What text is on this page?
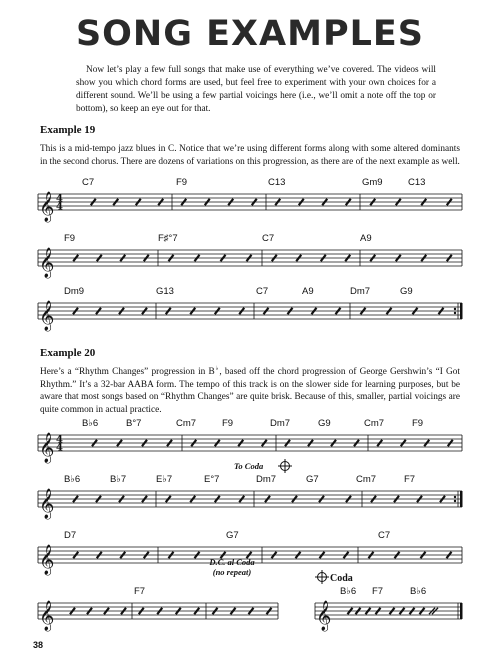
SONG EXAMPLES
Now let’s play a few full songs that make use of everything we’ve covered. The videos will show you which chord forms are used, but feel free to experiment with your own choices for a different sound. We’ll be using a few partial voicings here (i.e., we’ll omit a note off the top or bottom), so keep an eye out for that.
Example 19
This is a mid-tempo jazz blues in C. Notice that we’re using different forms along with some altered dominants in the second chorus. There are dozens of variations on this progression, as there are of the next example as well.
Example 20
Here’s a “Rhythm Changes” progression in B♭, based off the chord progression of George Gershwin’s “I Got Rhythm.” It’s a 32-bar AABA form. The tempo of this track is on the slower side for learning purposes, but be aware that most songs based on “Rhythm Changes” are quite brisk. Because of this, smaller, partial voicings are quite common in actual practice.
𝄞 4
4
C7	F9	C13	Gm9	C13
𝄞
F9	F♯°7	C7	A9
𝄞
Dm9	G13	C7	A9	Dm7	G9
𝄞 4
4
B♭6	B°7	Cm7	F9	Dm7	G9	Cm7	F9
𝄞
B♭6	B♭7	E♭7	E°7	Dm7	G7	Cm7	F7
To Coda
𝄞
D7	G7	C7
𝄞
F7
D.C. al Coda
(no repeat)
𝄞
B♭6 F7	B♭6
Coda
38
